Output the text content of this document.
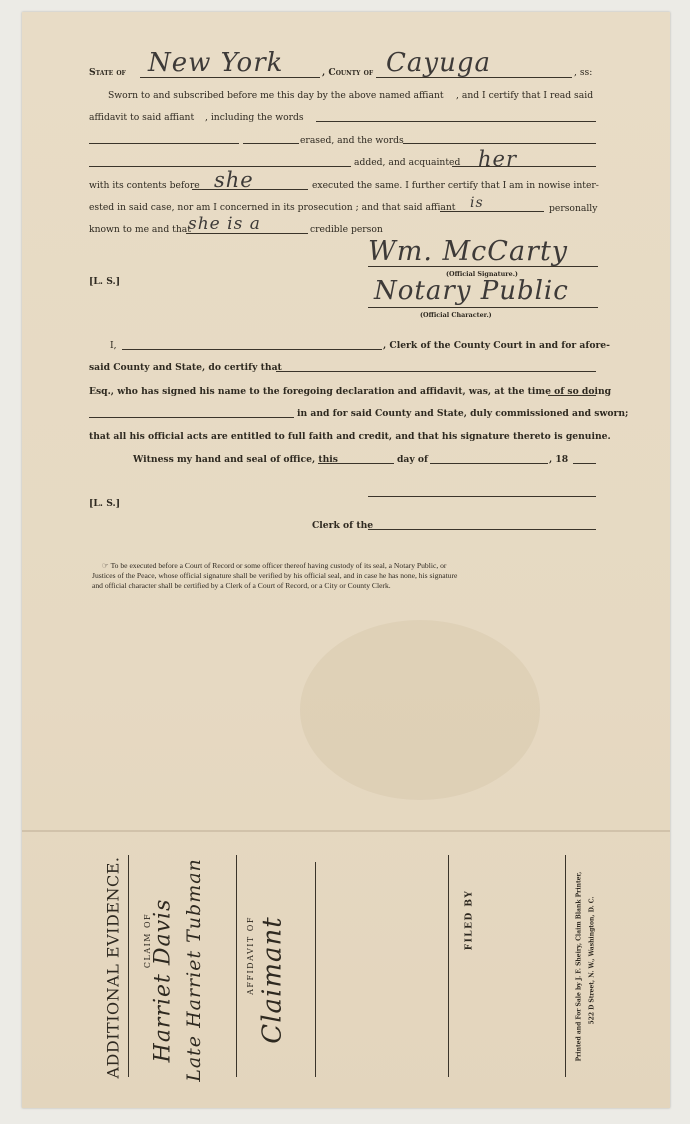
State of New York	, County of Cayuga	, ss:
Sworn to and subscribed before me this day by the above named affiant , and I certify that I read said
affidavit to said affiant , including the words
erased, and the words
added, and acquainted her
with its contents before she	executed the same. I further certify that I am in nowise inter-
ested in said case, nor am I concerned in its prosecution ; and that said affiant is	personally
known to me and that
she is a	credible person
Wm. McCarty
(Official Signature.)
[L. S.]	Notary Public
(Official Character.)
I,	, Clerk of the County Court in and for afore-
said County and State, do certify that
Esq., who has signed his name to the foregoing declaration and affidavit, was, at the time of so doing
in and for said County and State, duly commissioned and sworn;
that all his official acts are entitled to full faith and credit, and that his signature thereto is genuine.
Witness my hand and seal of office, this	day of	, 18
[L. S.]
Clerk of the
☞ To be executed before a Court of Record or some officer thereof having custody of its seal, a Notary Public, or
Justices of the Peace, whose official signature shall be verified by his official seal, and in case he has none, his signature
and official character shall be certified by a Clerk of a Court of Record, or a City or County Clerk.
ADDITIONAL EVIDENCE.	CLAIM OF
Harriet Davis Late Harriet Tubman	AFFIDAVIT OF Claimant	FILED BY	Printed and For Sale by J. F. Sheiry, Claim Blank Printer, 522 D Street, N. W., Washington, D. C.
